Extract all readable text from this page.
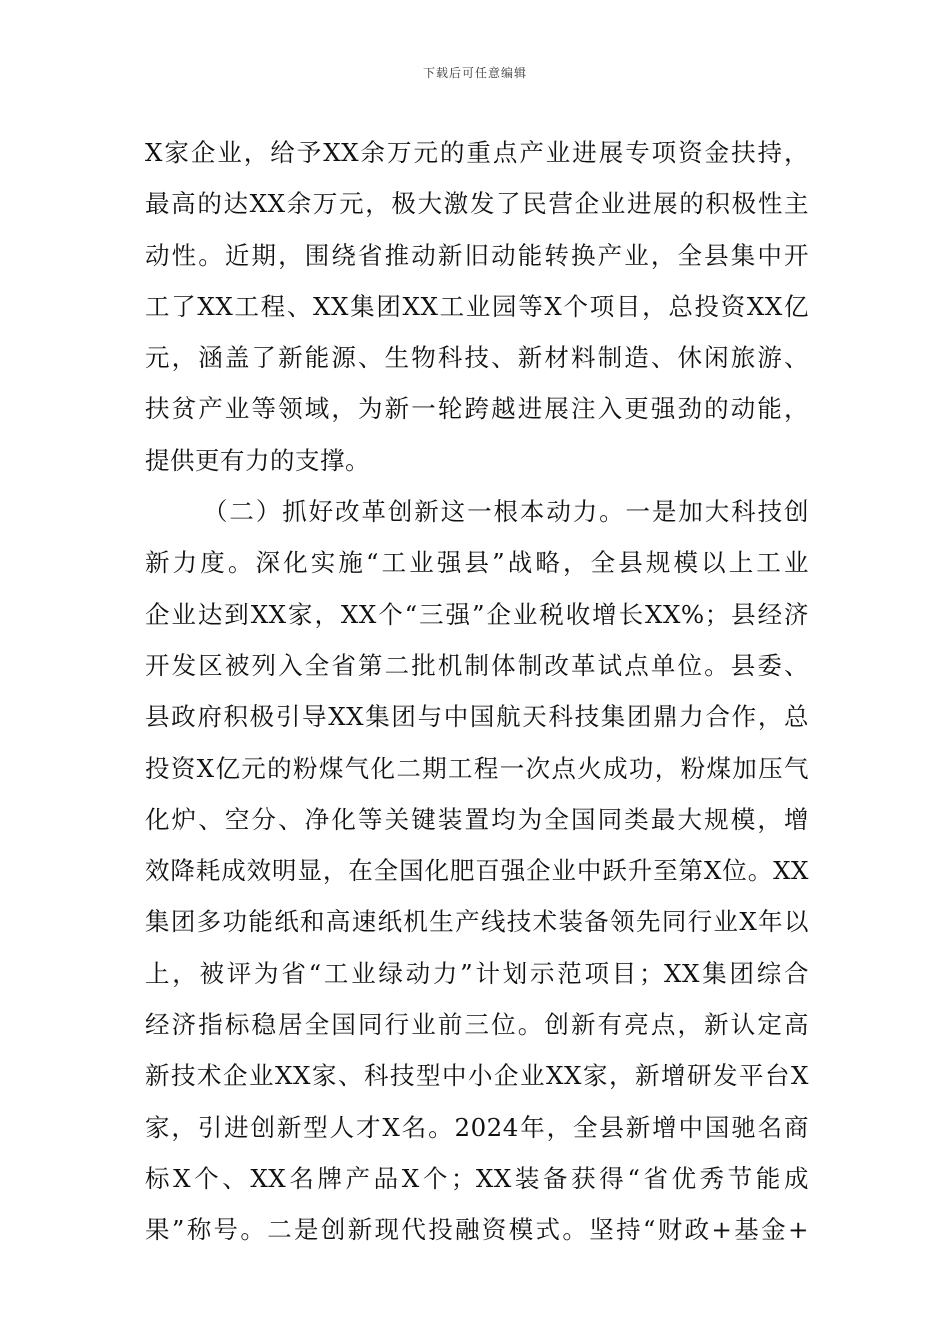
下载后可任意编辑
X家企业，给予XX余万元的重点产业进展专项资金扶持，
最高的达XX余万元，极大激发了民营企业进展的积极性主
动性。近期，围绕省推动新旧动能转换产业，全县集中开
工了XX工程、XX集团XX工业园等X个项目，总投资XX亿
元，涵盖了新能源、生物科技、新材料制造、休闲旅游、
扶贫产业等领域，为新一轮跨越进展注入更强劲的动能，
提供更有力的支撑。
（二）抓好改革创新这一根本动力。一是加大科技创
新力度。深化实施“工业强县”战略，全县规模以上工业
企业达到XX家，XX个“三强”企业税收增长XX%；县经济
开发区被列入全省第二批机制体制改革试点单位。县委、
县政府积极引导XX集团与中国航天科技集团鼎力合作，总
投资X亿元的粉煤气化二期工程一次点火成功，粉煤加压气
化炉、空分、净化等关键装置均为全国同类最大规模，增
效降耗成效明显，在全国化肥百强企业中跃升至第X位。XX
集团多功能纸和高速纸机生产线技术装备领先同行业X年以
上，被评为省“工业绿动力”计划示范项目；XX集团综合
经济指标稳居全国同行业前三位。创新有亮点，新认定高
新技术企业XX家、科技型中小企业XX家，新增研发平台X
家，引进创新型人才X名。2024年，全县新增中国驰名商
标X个、XX名牌产品X个；XX装备获得“省优秀节能成
果”称号。二是创新现代投融资模式。坚持“财政+基金+
